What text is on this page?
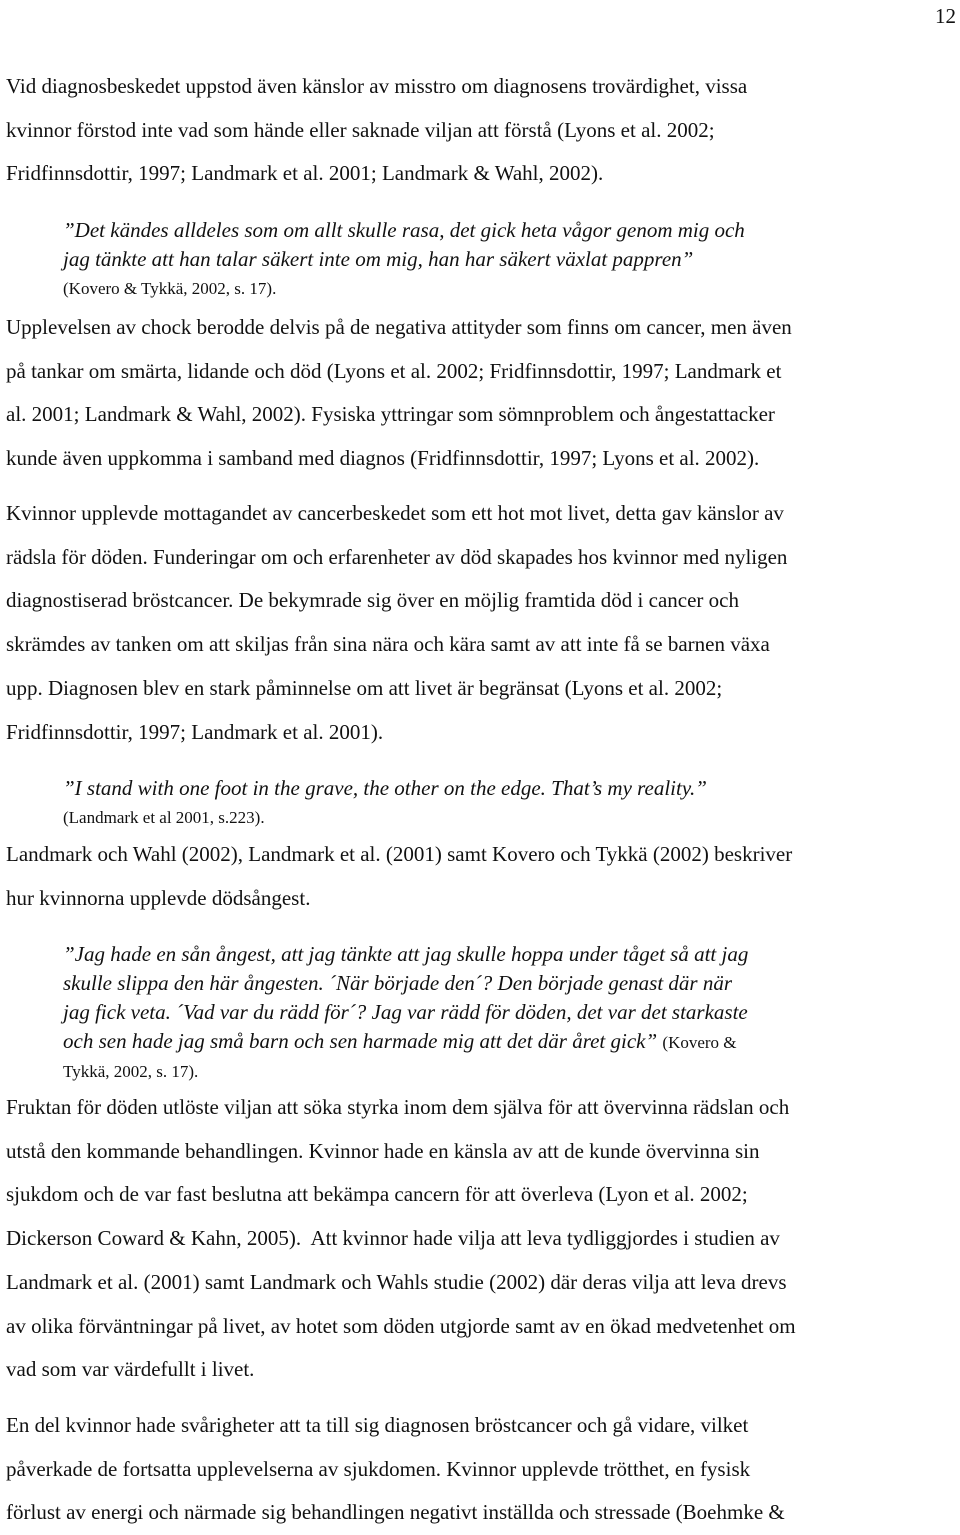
12
Vid diagnosbeskedet uppstod även känslor av misstro om diagnosens trovärdighet, vissa
kvinnor förstod inte vad som hände eller saknade viljan att förstå (Lyons et al. 2002;
Fridfinnsdottir, 1997; Landmark et al. 2001; Landmark & Wahl, 2002).
”Det kändes alldeles som om allt skulle rasa, det gick heta vågor genom mig och
jag tänkte att han talar säkert inte om mig, han har säkert växlat pappren”
(Kovero & Tykkä, 2002, s. 17).
Upplevelsen av chock berodde delvis på de negativa attityder som finns om cancer, men även
på tankar om smärta, lidande och död (Lyons et al. 2002; Fridfinnsdottir, 1997; Landmark et
al. 2001; Landmark & Wahl, 2002). Fysiska yttringar som sömnproblem och ångestattacker
kunde även uppkomma i samband med diagnos (Fridfinnsdottir, 1997; Lyons et al. 2002).
Kvinnor upplevde mottagandet av cancerbeskedet som ett hot mot livet, detta gav känslor av
rädsla för döden. Funderingar om och erfarenheter av död skapades hos kvinnor med nyligen
diagnostiserad bröstcancer. De bekymrade sig över en möjlig framtida död i cancer och
skrämdes av tanken om att skiljas från sina nära och kära samt av att inte få se barnen växa
upp. Diagnosen blev en stark påminnelse om att livet är begränsat (Lyons et al. 2002;
Fridfinnsdottir, 1997; Landmark et al. 2001).
”I stand with one foot in the grave, the other on the edge. That’s my reality.”
(Landmark et al 2001, s.223).
Landmark och Wahl (2002), Landmark et al. (2001) samt Kovero och Tykkä (2002) beskriver
hur kvinnorna upplevde dödsångest.
”Jag hade en sån ångest, att jag tänkte att jag skulle hoppa under tåget så att jag
skulle slippa den här ångesten. ´När började den´? Den började genast där när
jag fick veta. ´Vad var du rädd för´? Jag var rädd för döden, det var det starkaste
och sen hade jag små barn och sen harmade mig att det där året gick” (Kovero &
Tykkä, 2002, s. 17).
Fruktan för döden utlöste viljan att söka styrka inom dem själva för att övervinna rädslan och
utstå den kommande behandlingen. Kvinnor hade en känsla av att de kunde övervinna sin
sjukdom och de var fast beslutna att bekämpa cancern för att överleva (Lyon et al. 2002;
Dickerson Coward & Kahn, 2005).  Att kvinnor hade vilja att leva tydliggjordes i studien av
Landmark et al. (2001) samt Landmark och Wahls studie (2002) där deras vilja att leva drevs
av olika förväntningar på livet, av hotet som döden utgjorde samt av en ökad medvetenhet om
vad som var värdefullt i livet.
En del kvinnor hade svårigheter att ta till sig diagnosen bröstcancer och gå vidare, vilket
påverkade de fortsatta upplevelserna av sjukdomen. Kvinnor upplevde trötthet, en fysisk
förlust av energi och närmade sig behandlingen negativt inställda och stressade (Boehmke &
